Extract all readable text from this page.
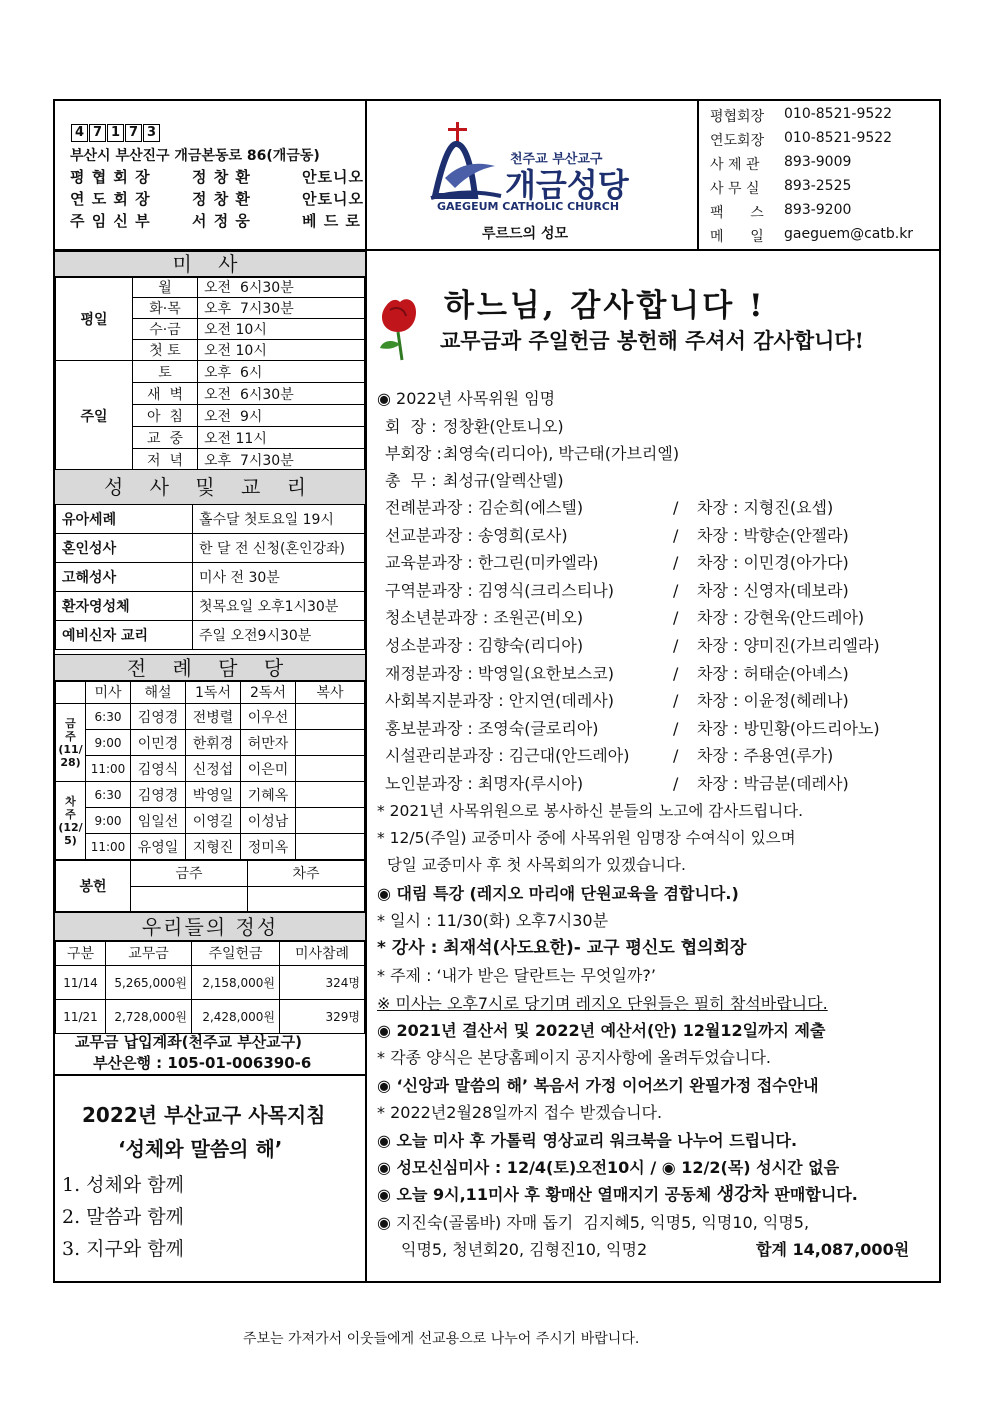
4 7 1 7 3
부산시 부산진구 개금본동로 86(개금동)
평 협 회 장	정 창 환	안토니오
연 도 회 장	정 창 환	안토니오
주 임 신 부	서 정 웅	베 드 로
천주교 부산교구
개금성당
GAEGEUM CATHOLIC CHURCH
루르드의 성모
평협회장	010-8521-9522
연도회장	010-8521-9522
사 제 관	893-9009
사 무 실	893-2525
팩      스	893-9200
메      일	gaeguem@catb.kr
미 사
평일	월	오전  6시30분
	화·목	오후  7시30분
	수·금	오전 10시
	첫 토	오전 10시
주일	토	오후  6시
	새  벽	오전  6시30분
	아  침	오전  9시
	교  중	오전 11시
	저  녁	오후  7시30분
성 사 및 교 리
유아세례	홀수달 첫토요일 19시
혼인성사	한 달 전 신청(혼인강좌)
고해성사	미사 전 30분
환자영성체	첫목요일 오후1시30분
예비신자 교리	주일 오전9시30분
전 례 담 당
	미사	해설	1독서	2독서	복사
금
주
(11/
28)	6:30	김영경	전병렬	이우선	
	9:00	이민경	한휘경	허만자	
	11:00	김영식	신정섭	이은미	
차
주
(12/
5)	6:30	김영경	박영일	기혜옥	
	9:00	임일선	이영길	이성남	
	11:00	유영일	지형진	정미옥	
봉헌	금주	차주

우리들의 정성
구분	교무금	주일헌금	미사참례
11/14	5,265,000원	2,158,000원	324명
11/21	2,728,000원	2,428,000원	329명
교무금 납입계좌(천주교 부산교구)
부산은행 : 105-01-006390-6
2022년 부산교구 사목지침
‘성체와 말씀의 해’
1. 성체와 함께
2. 말씀과 함께
3. 지구와 함께
하느님, 감사합니다 !
교무금과 주일헌금 봉헌해 주셔서 감사합니다!
◉ 2022년 사목위원 임명
회  장 : 정창환(안토니오)
부회장 : 최영숙(리디아), 박근태(가브리엘)
총  무 : 최성규(알렉산델)
전례분과장 : 김순희(에스텔)	/	차장 : 지형진(요셉)
선교분과장 : 송영희(로사)	/	차장 : 박향순(안젤라)
교육분과장 : 한그린(미카엘라)	/	차장 : 이민경(아가다)
구역분과장 : 김영식(크리스티나)	/	차장 : 신영자(데보라)
청소년분과장 : 조원곤(비오)	/	차장 : 강현욱(안드레아)
성소분과장 : 김향숙(리디아)	/	차장 : 양미진(가브리엘라)
재정분과장 : 박영일(요한보스코)	/	차장 : 허태순(아녜스)
사회복지분과장 : 안지연(데레사)	/	차장 : 이윤정(헤레나)
홍보분과장 : 조영숙(글로리아)	/	차장 : 방민황(아드리아노)
시설관리분과장 : 김근대(안드레아)	/	차장 : 주용연(루가)
노인분과장 : 최명자(루시아)	/	차장 : 박금분(데레사)
* 2021년 사목위원으로 봉사하신 분들의 노고에 감사드립니다.
* 12/5(주일) 교중미사 중에 사목위원 임명장 수여식이 있으며
당일 교중미사 후 첫 사목회의가 있겠습니다.
◉ 대림 특강 (레지오 마리애 단원교육을 겸합니다.)
* 일시 : 11/30(화) 오후7시30분
* 강사 : 최재석(사도요한)- 교구 평신도 협의회장
* 주제 : ‘내가 받은 달란트는 무엇일까?’
※ 미사는 오후7시로 당기며 레지오 단원들은 필히 참석바랍니다.
◉ 2021년 결산서 및 2022년 예산서(안) 12월12일까지 제출
* 각종 양식은 본당홈페이지 공지사항에 올려두었습니다.
◉ ‘신앙과 말씀의 해’ 복음서 가정 이어쓰기 완필가정 접수안내
* 2022년2월28일까지 접수 받겠습니다.
◉ 오늘 미사 후 가톨릭 영상교리 워크북을 나누어 드립니다.
◉ 성모신심미사 : 12/4(토)오전10시 / ◉ 12/2(목) 성시간 없음
◉ 오늘 9시,11미사 후 황매산 열매지기 공동체 생강차 판매합니다.
◉ 지진숙(골롬바) 자매 돕기  김지혜5, 익명5, 익명10, 익명5,
익명5, 청년회20, 김형진10, 익명2	합계 14,087,000원
주보는 가져가서 이웃들에게 선교용으로 나누어 주시기 바랍니다.
